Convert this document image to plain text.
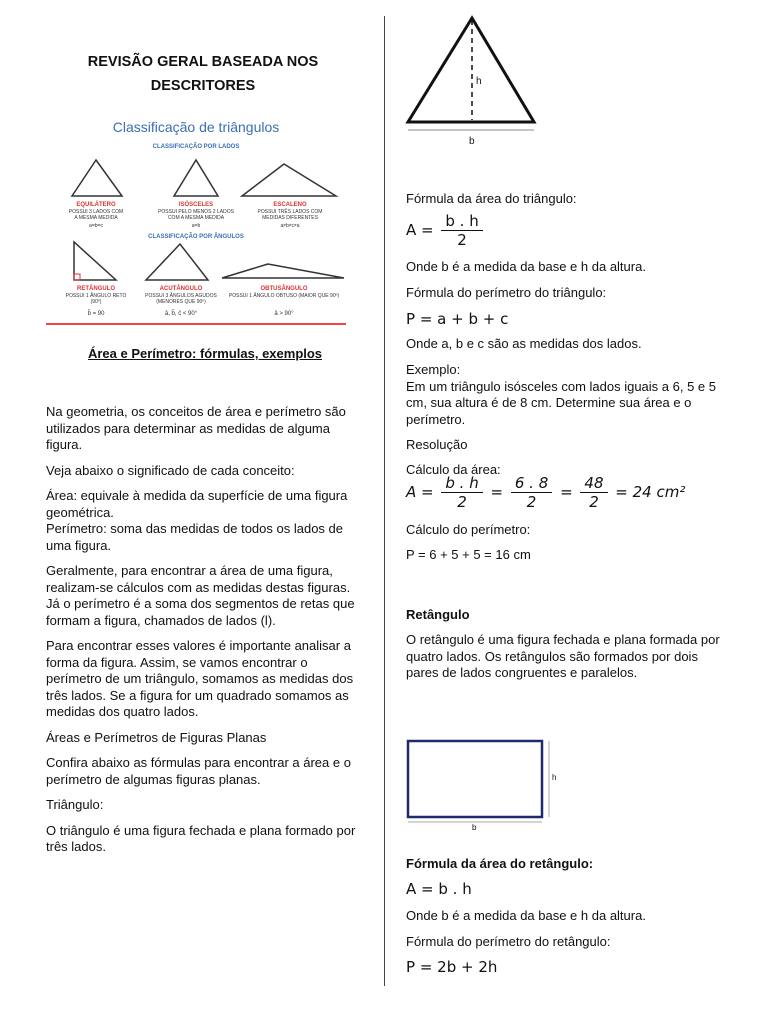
REVISÃO GERAL BASEADA NOS DESCRITORES
Classificação de triângulos
CLASSIFICAÇÃO POR LADOS
EQUILÁTERO
POSSUI 3 LADOS COM
A MESMA MEDIDA
a=b=c
ISÓSCELES
POSSUI PELO MENOS 2 LADOS
COM A MESMA MEDIDA
a=b
ESCALENO
POSSUI TRÊS LADOS COM
MEDIDAS DIFERENTES
a≠b≠c≠a
CLASSIFICAÇÃO POR ÂNGULOS
RETÂNGULO
POSSUI 1 ÂNGULO RETO
(90º)
b̂ = 90
ACUTÂNGULO
POSSUI 3 ÂNGULOS AGUDOS
(MENORES QUE 90º)
â, b̂, ĉ < 90°
OBTUSÂNGULO
POSSUI 1 ÂNGULO OBTUSO (MAIOR QUE 90º)
â > 90°
Área e Perímetro: fórmulas, exemplos

Na geometria, os conceitos de área e perímetro são utilizados para determinar as medidas de alguma figura.

Veja abaixo o significado de cada conceito:

Área: equivale à medida da superfície de uma figura geométrica.

Perímetro: soma das medidas de todos os lados de uma figura.

Geralmente, para encontrar a área de uma figura, realizam-se cálculos com as medidas destas figuras. Já o perímetro é a soma dos segmentos de retas que formam a figura, chamados de lados (l).

Para encontrar esses valores é importante analisar a forma da figura. Assim, se vamos encontrar o perímetro de um triângulo, somamos as medidas dos três lados. Se a figura for um quadrado somamos as medidas dos quatro lados.

Áreas e Perímetros de Figuras Planas

Confira abaixo as fórmulas para encontrar a área e o perímetro de algumas figuras planas.

Triângulo:

O triângulo é uma figura fechada e plana formado por três lados.

h
b

Fórmula da área do triângulo:

$A = \frac{b . h}{2}$

Onde b é a medida da base e h da altura.

Fórmula do perímetro do triângulo:

P = a + b + c

Onde a, b e c são as medidas dos lados.

Exemplo:

Em um triângulo isósceles com lados iguais a 6, 5 e 5 cm, sua altura é de 8 cm. Determine sua área e o perímetro.

Resolução

Cálculo da área:

$A = \frac{b . h}{2} = \frac{6 . 8}{2} = \frac{48}{2} = 24$ cm²

Cálculo do perímetro:

P = 6 + 5 + 5 = 16 cm

Retângulo

O retângulo é uma figura fechada e plana formada por quatro lados. Os retângulos são formados por dois pares de lados congruentes e paralelos.

h
b

Fórmula da área do retângulo:

A = b . h

Onde b é a medida da base e h da altura.

Fórmula do perímetro do retângulo:

P = 2b + 2h
